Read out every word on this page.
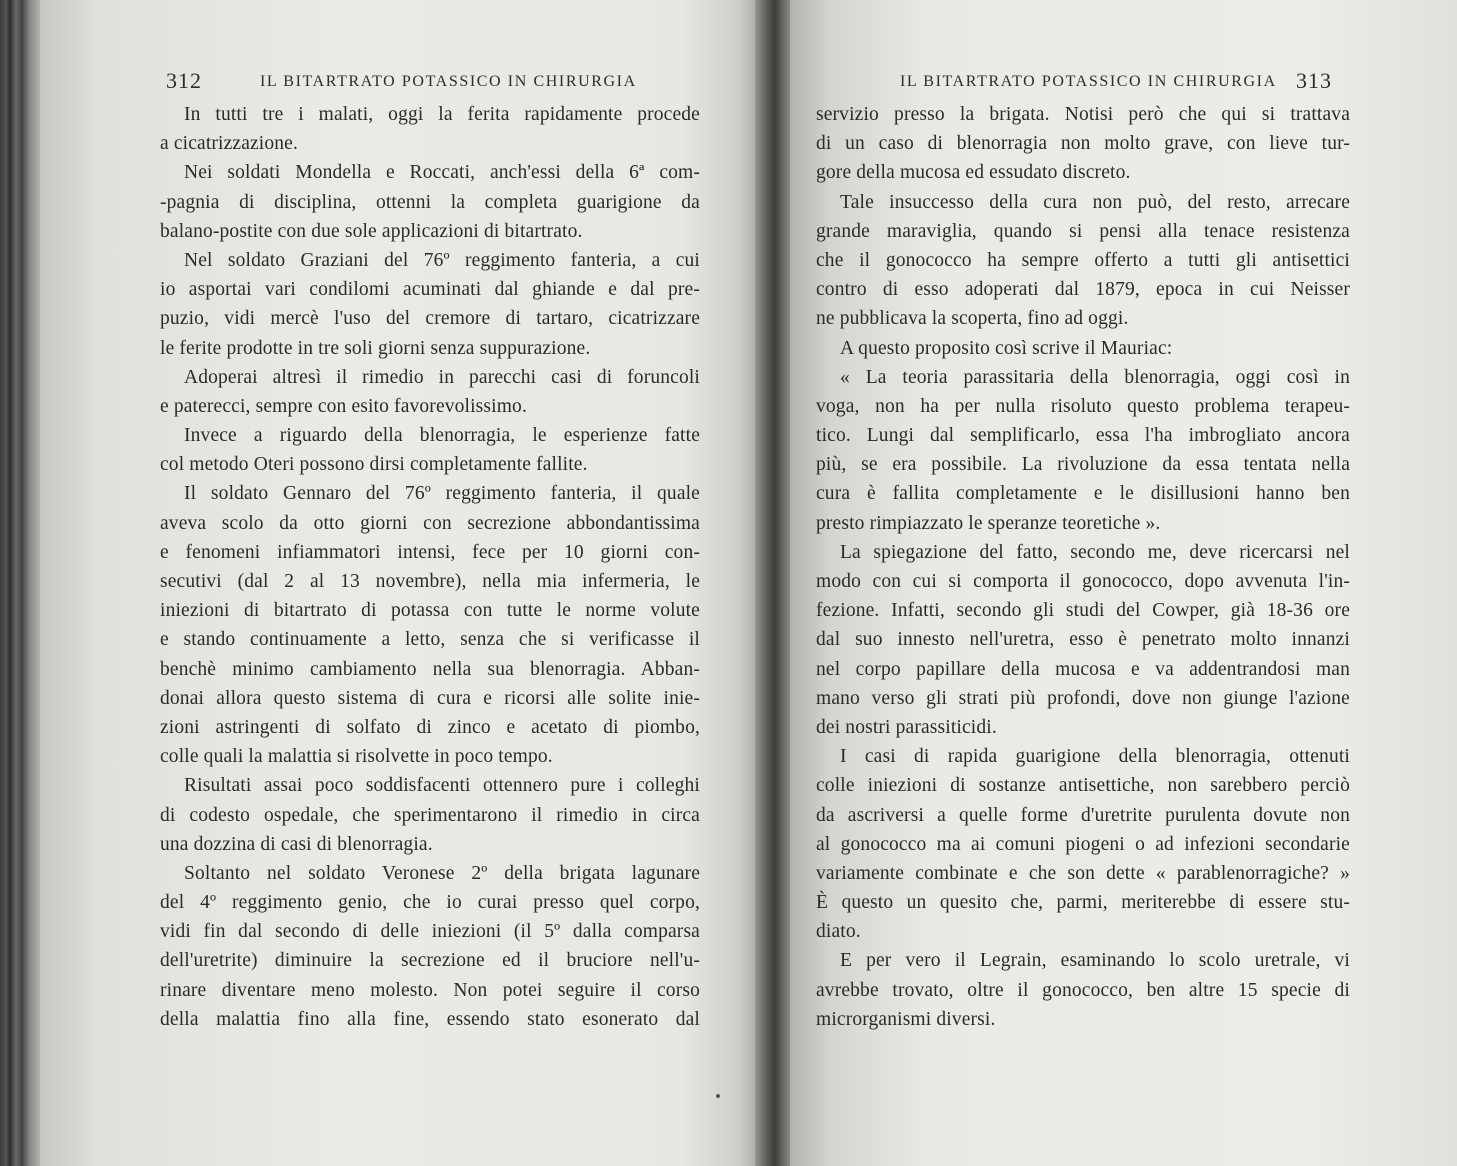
312	IL BITARTRATO POTASSICO IN CHIRURGIA
In tutti tre i malati, oggi la ferita rapidamente procede
a cicatrizzazione.
Nei soldati Mondella e Roccati, anch'essi della 6ª com-
-pagnia di disciplina, ottenni la completa guarigione da
balano-postite con due sole applicazioni di bitartrato.
Nel soldato Graziani del 76º reggimento fanteria, a cui
io asportai vari condilomi acuminati dal ghiande e dal pre-
puzio, vidi mercè l'uso del cremore di tartaro, cicatrizzare
le ferite prodotte in tre soli giorni senza suppurazione.
Adoperai altresì il rimedio in parecchi casi di foruncoli
e paterecci, sempre con esito favorevolissimo.
Invece a riguardo della blenorragia, le esperienze fatte
col metodo Oteri possono dirsi completamente fallite.
Il soldato Gennaro del 76º reggimento fanteria, il quale
aveva scolo da otto giorni con secrezione abbondantissima
e fenomeni infiammatori intensi, fece per 10 giorni con-
secutivi (dal 2 al 13 novembre), nella mia infermeria, le
iniezioni di bitartrato di potassa con tutte le norme volute
e stando continuamente a letto, senza che si verificasse il
benchè minimo cambiamento nella sua blenorragia. Abban-
donai allora questo sistema di cura e ricorsi alle solite inie-
zioni astringenti di solfato di zinco e acetato di piombo,
colle quali la malattia si risolvette in poco tempo.
Risultati assai poco soddisfacenti ottennero pure i colleghi
di codesto ospedale, che sperimentarono il rimedio in circa
una dozzina di casi di blenorragia.
Soltanto nel soldato Veronese 2º della brigata lagunare
del 4º reggimento genio, che io curai presso quel corpo,
vidi fin dal secondo di delle iniezioni (il 5º dalla comparsa
dell'uretrite) diminuire la secrezione ed il bruciore nell'u-
rinare diventare meno molesto. Non potei seguire il corso
della malattia fino alla fine, essendo stato esonerato dal
IL BITARTRATO POTASSICO IN CHIRURGIA 313
servizio presso la brigata. Notisi però che qui si trattava
di un caso di blenorragia non molto grave, con lieve tur-
gore della mucosa ed essudato discreto.
Tale insuccesso della cura non può, del resto, arrecare
grande maraviglia, quando si pensi alla tenace resistenza
che il gonococco ha sempre offerto a tutti gli antisettici
contro di esso adoperati dal 1879, epoca in cui Neisser
ne pubblicava la scoperta, fino ad oggi.
A questo proposito così scrive il Mauriac:
« La teoria parassitaria della blenorragia, oggi così in
voga, non ha per nulla risoluto questo problema terapeu-
tico. Lungi dal semplificarlo, essa l'ha imbrogliato ancora
più, se era possibile. La rivoluzione da essa tentata nella
cura è fallita completamente e le disillusioni hanno ben
presto rimpiazzato le speranze teoretiche ».
La spiegazione del fatto, secondo me, deve ricercarsi nel
modo con cui si comporta il gonococco, dopo avvenuta l'in-
fezione. Infatti, secondo gli studi del Cowper, già 18-36 ore
dal suo innesto nell'uretra, esso è penetrato molto innanzi
nel corpo papillare della mucosa e va addentrandosi man
mano verso gli strati più profondi, dove non giunge l'azione
dei nostri parassiticidi.
I casi di rapida guarigione della blenorragia, ottenuti
colle iniezioni di sostanze antisettiche, non sarebbero perciò
da ascriversi a quelle forme d'uretrite purulenta dovute non
al gonococco ma ai comuni piogeni o ad infezioni secondarie
variamente combinate e che son dette « parablenorragiche? »
È questo un quesito che, parmi, meriterebbe di essere stu-
diato.
E per vero il Legrain, esaminando lo scolo uretrale, vi
avrebbe trovato, oltre il gonococco, ben altre 15 specie di
microrganismi diversi.
